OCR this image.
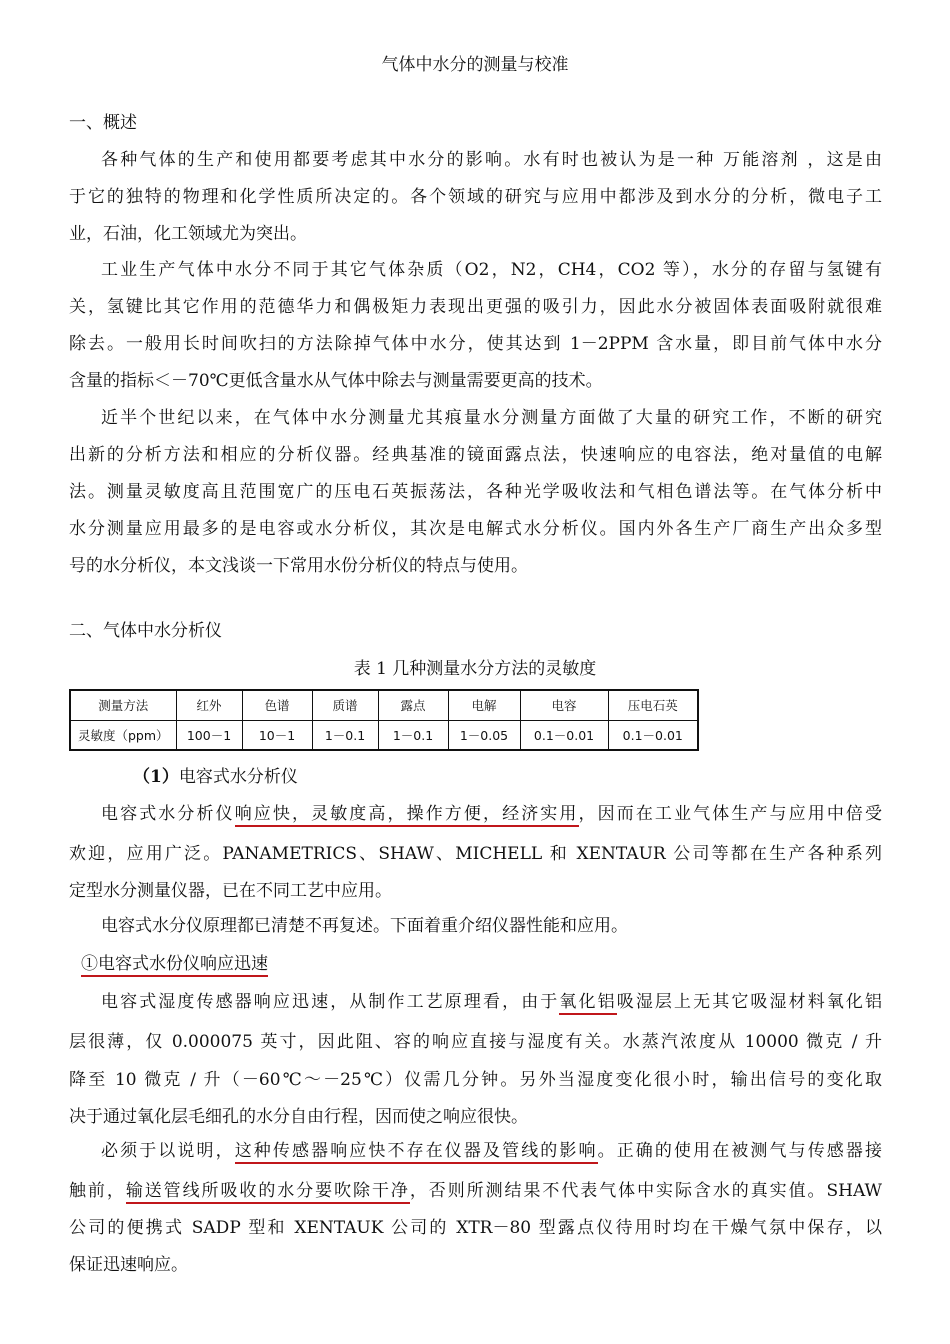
气体中水分的测量与校准
一、概述
各种气体的生产和使用都要考虑其中水分的影响。水有时也被认为是一种 万能溶剂 ，这是由
于它的独特的物理和化学性质所决定的。各个领域的研究与应用中都涉及到水分的分析，微电子工
业，石油，化工领域尤为突出。
工业生产气体中水分不同于其它气体杂质（O2，N2，CH4，CO2 等），水分的存留与氢键有
关，氢键比其它作用的范德华力和偶极矩力表现出更强的吸引力，因此水分被固体表面吸附就很难
除去。一般用长时间吹扫的方法除掉气体中水分，使其达到 1－2PPM 含水量，即目前气体中水分
含量的指标＜－70℃更低含量水从气体中除去与测量需要更高的技术。
近半个世纪以来，在气体中水分测量尤其痕量水分测量方面做了大量的研究工作，不断的研究
出新的分析方法和相应的分析仪器。经典基准的镜面露点法，快速响应的电容法，绝对量值的电解
法。测量灵敏度高且范围宽广的压电石英振荡法，各种光学吸收法和气相色谱法等。在气体分析中
水分测量应用最多的是电容或水分析仪，其次是电解式水分析仪。国内外各生产厂商生产出众多型
号的水分析仪，本文浅谈一下常用水份分析仪的特点与使用。
二、气体中水分析仪
表 1 几种测量水分方法的灵敏度
测量方法	红外	色谱	质谱	露点	电解	电容	压电石英
灵敏度（ppm）	100－1	10－1	1－0.1	1－0.1	1－0.05	0.1－0.01	0.1－0.01
（1）电容式水分析仪
电容式水分析仪响应快，灵敏度高，操作方便，经济实用，因而在工业气体生产与应用中倍受
欢迎，应用广泛。PANAMETRICS、SHAW、MICHELL 和 XENTAUR 公司等都在生产各种系列
定型水分测量仪器，已在不同工艺中应用。
电容式水分仪原理都已清楚不再复述。下面着重介绍仪器性能和应用。
①电容式水份仪响应迅速
电容式湿度传感器响应迅速，从制作工艺原理看，由于氧化铝吸湿层上无其它吸湿材料氧化铝
层很薄，仅 0.000075 英寸，因此阻、容的响应直接与湿度有关。水蒸汽浓度从 10000 微克 / 升
降至 10 微克 / 升（－60℃～－25℃）仪需几分钟。另外当湿度变化很小时，输出信号的变化取
决于通过氧化层毛细孔的水分自由行程，因而使之响应很快。
必须于以说明，这种传感器响应快不存在仪器及管线的影响。正确的使用在被测气与传感器接
触前，输送管线所吸收的水分要吹除干净，否则所测结果不代表气体中实际含水的真实值。SHAW
公司的便携式 SADP 型和 XENTAUK 公司的 XTR－80 型露点仪待用时均在干燥气氛中保存，以
保证迅速响应。
